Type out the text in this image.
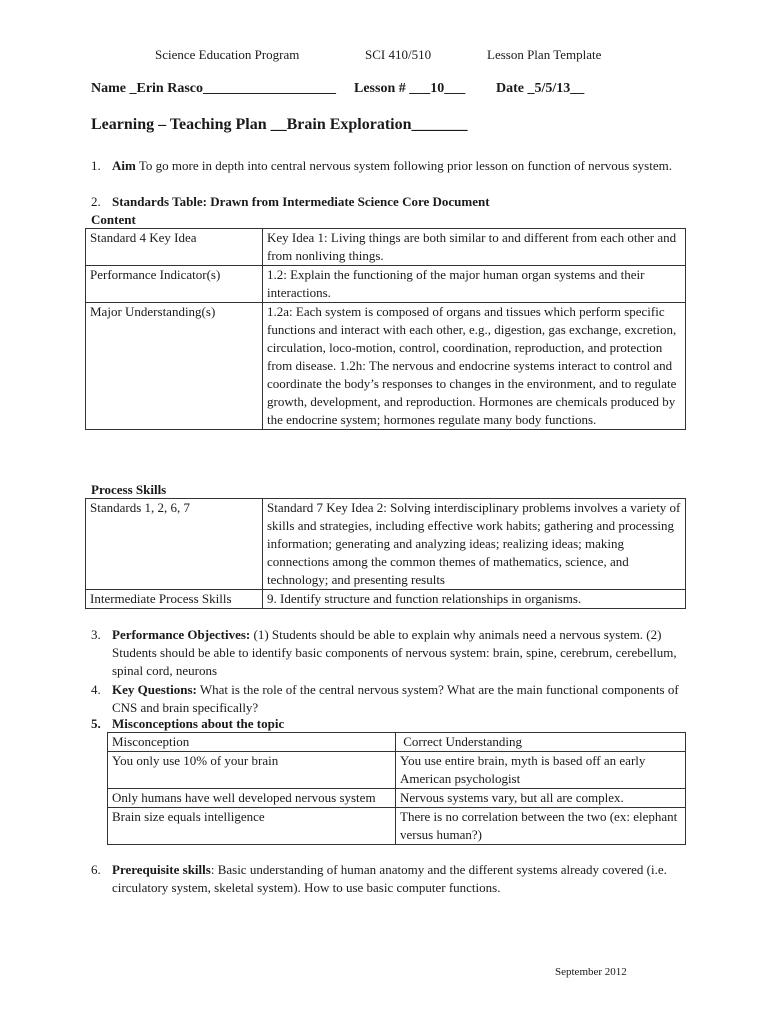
Science Education Program	SCI 410/510	Lesson Plan Template
Name _Erin Rasco___________________ Lesson # ___10___ Date _5/5/13__
Learning – Teaching Plan __Brain Exploration_______
1. Aim To go more in depth into central nervous system following prior lesson on function of nervous system.
2. Standards Table: Drawn from Intermediate Science Core Document
Content
Standard 4 Key Idea	Key Idea 1: Living things are both similar to and different from each other and from nonliving things.
Performance Indicator(s)	1.2: Explain the functioning of the major human organ systems and their interactions.
Major Understanding(s)	1.2a: Each system is composed of organs and tissues which perform specific functions and interact with each other, e.g., digestion, gas exchange, excretion, circulation, loco-motion, control, coordination, reproduction, and protection from disease. 1.2h: The nervous and endocrine systems interact to control and coordinate the body’s responses to changes in the environment, and to regulate growth, development, and reproduction. Hormones are chemicals produced by the endocrine system; hormones regulate many body functions.
Process Skills
Standards 1, 2, 6, 7	Standard 7 Key Idea 2: Solving interdisciplinary problems involves a variety of skills and strategies, including effective work habits; gathering and processing information; generating and analyzing ideas; realizing ideas; making connections among the common themes of mathematics, science, and technology; and presenting results
Intermediate Process Skills	9. Identify structure and function relationships in organisms.
3. Performance Objectives: (1) Students should be able to explain why animals need a nervous system. (2) Students should be able to identify basic components of nervous system: brain, spine, cerebrum, cerebellum, spinal cord, neurons
4. Key Questions: What is the role of the central nervous system? What are the main functional components of CNS and brain specifically?
5. Misconceptions about the topic
Misconception	Correct Understanding
You only use 10% of your brain	You use entire brain, myth is based off an early American psychologist
Only humans have well developed nervous system	Nervous systems vary, but all are complex.
Brain size equals intelligence	There is no correlation between the two (ex: elephant versus human?)
6. Prerequisite skills: Basic understanding of human anatomy and the different systems already covered (i.e. circulatory system, skeletal system). How to use basic computer functions.
September 2012
